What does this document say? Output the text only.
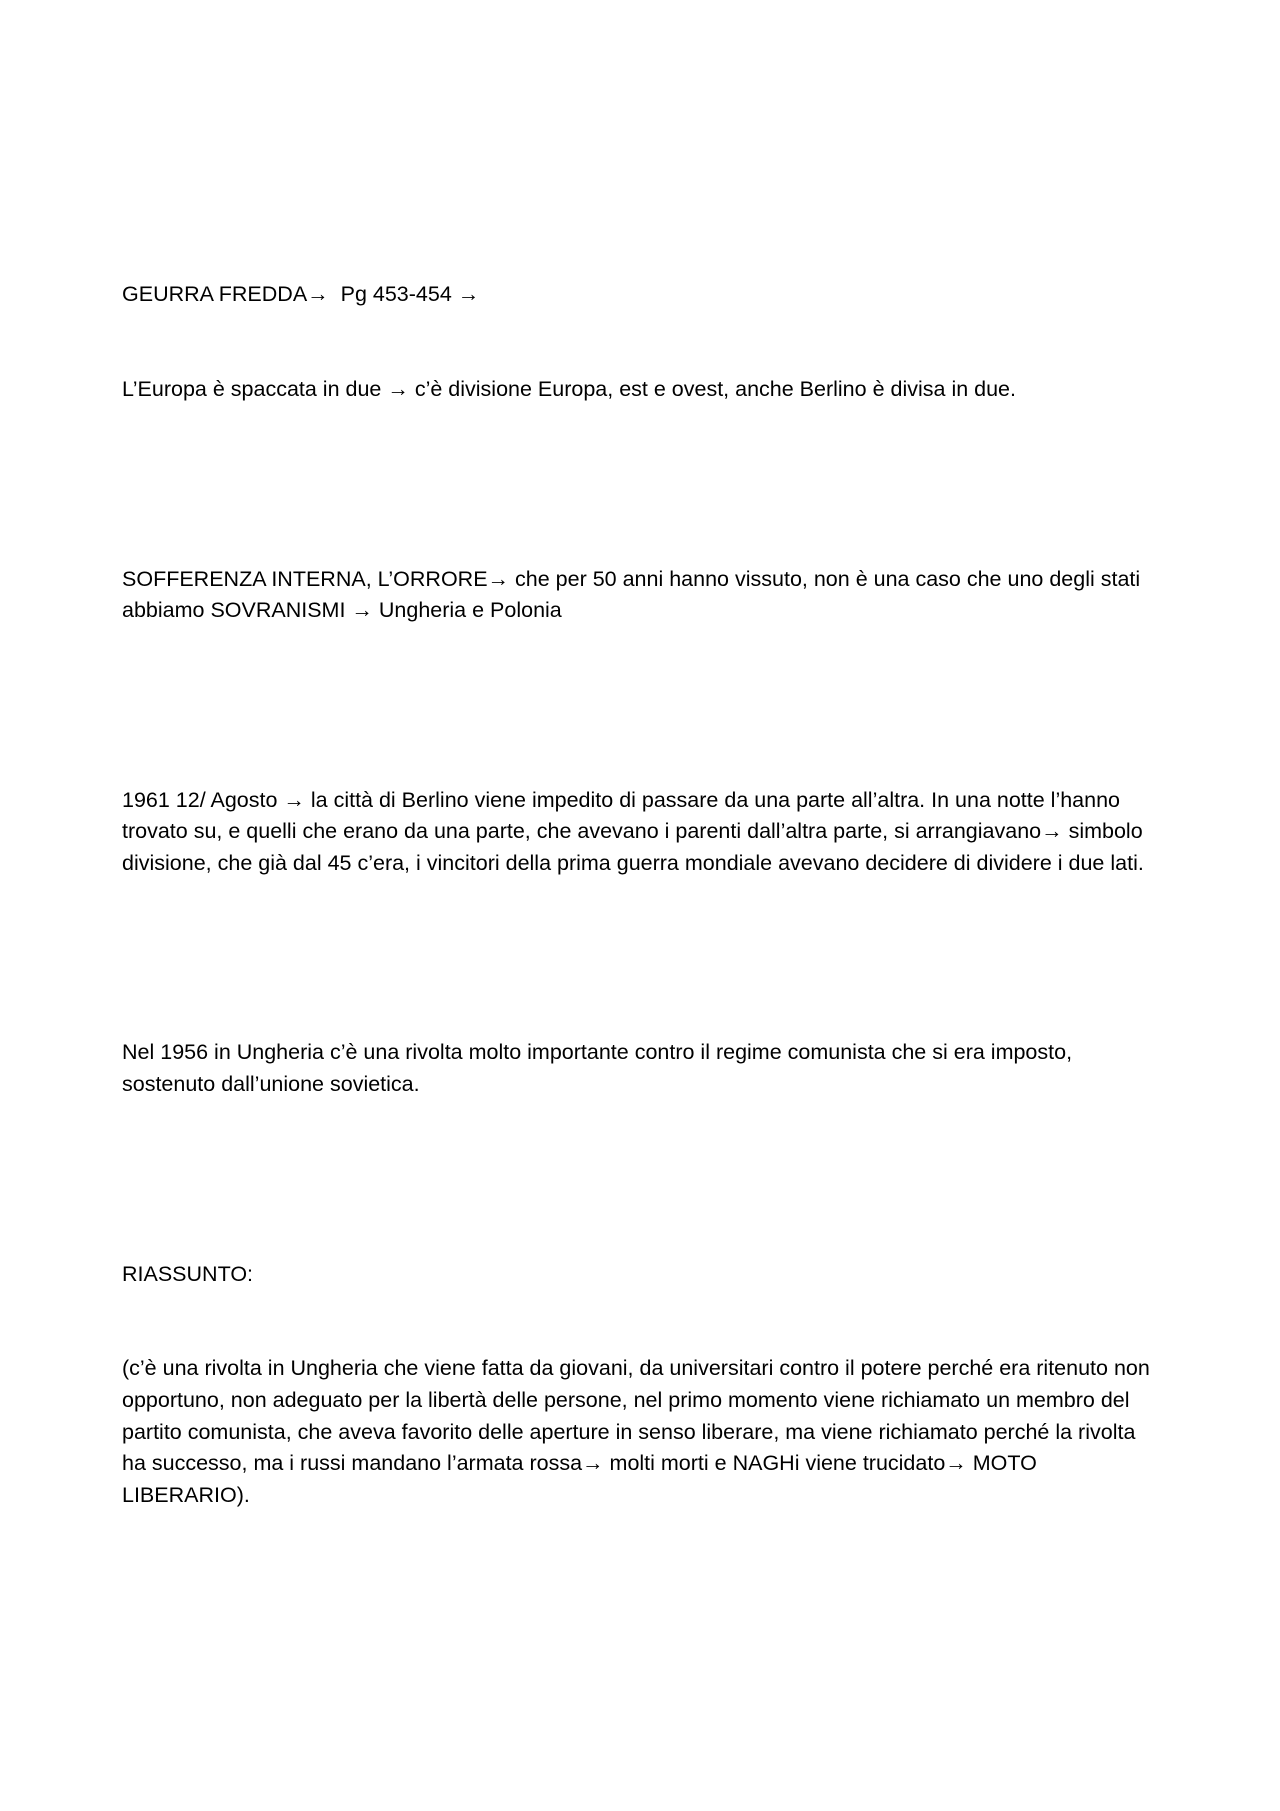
GEURRA FREDDA→  Pg 453-454 →

L’Europa è spaccata in due → c’è divisione Europa, est e ovest, anche Berlino è divisa in due.

SOFFERENZA INTERNA, L’ORRORE→ che per 50 anni hanno vissuto, non è una caso che uno degli stati abbiamo SOVRANISMI → Ungheria e Polonia

1961 12/ Agosto → la città di Berlino viene impedito di passare da una parte all’altra. In una notte l’hanno trovato su, e quelli che erano da una parte, che avevano i parenti dall’altra parte, si arrangiavano→ simbolo divisione, che già dal 45 c’era, i vincitori della prima guerra mondiale avevano decidere di dividere i due lati.

Nel 1956 in Ungheria c’è una rivolta molto importante contro il regime comunista che si era imposto, sostenuto dall’unione sovietica.

RIASSUNTO:

(c’è una rivolta in Ungheria che viene fatta da giovani, da universitari contro il potere perché era ritenuto non opportuno, non adeguato per la libertà delle persone, nel primo momento viene richiamato un membro del partito comunista, che aveva favorito delle aperture in senso liberare, ma viene richiamato perché la rivolta ha successo, ma i russi mandano l’armata rossa→ molti morti e NAGHi viene trucidato→ MOTO LIBERARIO).
